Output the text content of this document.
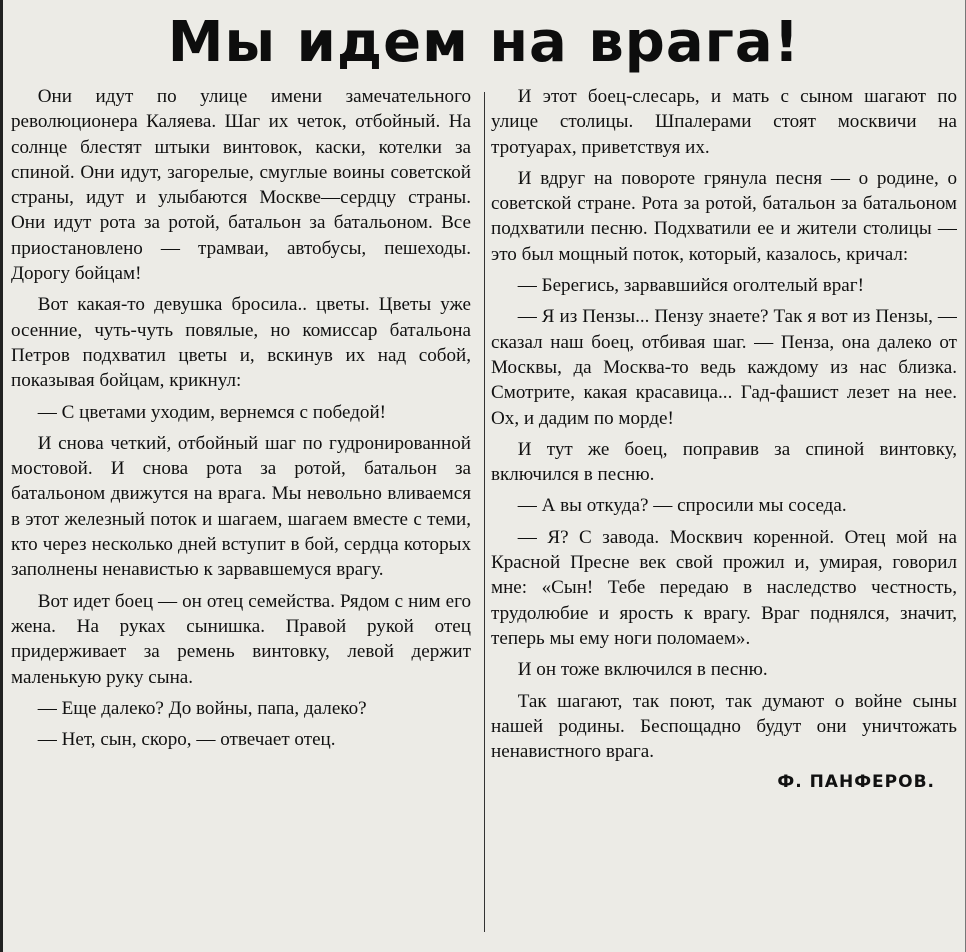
Мы идем на врага!

Они идут по улице имени замечательного революционера Каляева. Шаг их четок, отбойный. На солнце блестят штыки винтовок, каски, котелки за спиной. Они идут, загорелые, смуглые воины советской страны, идут и улыбаются Москве—сердцу страны. Они идут рота за ротой, батальон за батальоном. Все приостановлено — трамваи, автобусы, пешеходы. Дорогу бойцам!

Вот какая-то девушка бросила.. цветы. Цветы уже осенние, чуть-чуть повялые, но комиссар батальона Петров подхватил цветы и, вскинув их над собой, показывая бойцам, крикнул:

— С цветами уходим, вернемся с победой!

И снова четкий, отбойный шаг по гудронированной мостовой. И снова рота за ротой, батальон за батальоном движутся на врага. Мы невольно вливаемся в этот железный поток и шагаем, шагаем вместе с теми, кто через несколько дней вступит в бой, сердца которых заполнены ненавистью к зарвавшемуся врагу.

Вот идет боец — он отец семейства. Рядом с ним его жена. На руках сынишка. Правой рукой отец придерживает за ремень винтовку, левой держит маленькую руку сына.

— Еще далеко? До войны, папа, далеко?

— Нет, сын, скоро, — отвечает отец.

И этот боец-слесарь, и мать с сыном шагают по улице столицы. Шпалерами стоят москвичи на тротуарах, приветствуя их.

И вдруг на повороте грянула песня — о родине, о советской стране. Рота за ротой, батальон за батальоном подхватили песню. Подхватили ее и жители столицы — это был мощный поток, который, казалось, кричал:

— Берегись, зарвавшийся оголтелый враг!

— Я из Пензы... Пензу знаете? Так я вот из Пензы, — сказал наш боец, отбивая шаг. — Пенза, она далеко от Москвы, да Москва-то ведь каждому из нас близка. Смотрите, какая красавица... Гад-фашист лезет на нее. Ох, и дадим по морде!

И тут же боец, поправив за спиной винтовку, включился в песню.

— А вы откуда? — спросили мы соседа.

— Я? С завода. Москвич коренной. Отец мой на Красной Пресне век свой прожил и, умирая, говорил мне: «Сын! Тебе передаю в наследство честность, трудолюбие и ярость к врагу. Враг поднялся, значит, теперь мы ему ноги поломаем».

И он тоже включился в песню.

Так шагают, так поют, так думают о войне сыны нашей родины. Беспощадно будут они уничтожать ненавистного врага.

Ф. ПАНФЕРОВ.
